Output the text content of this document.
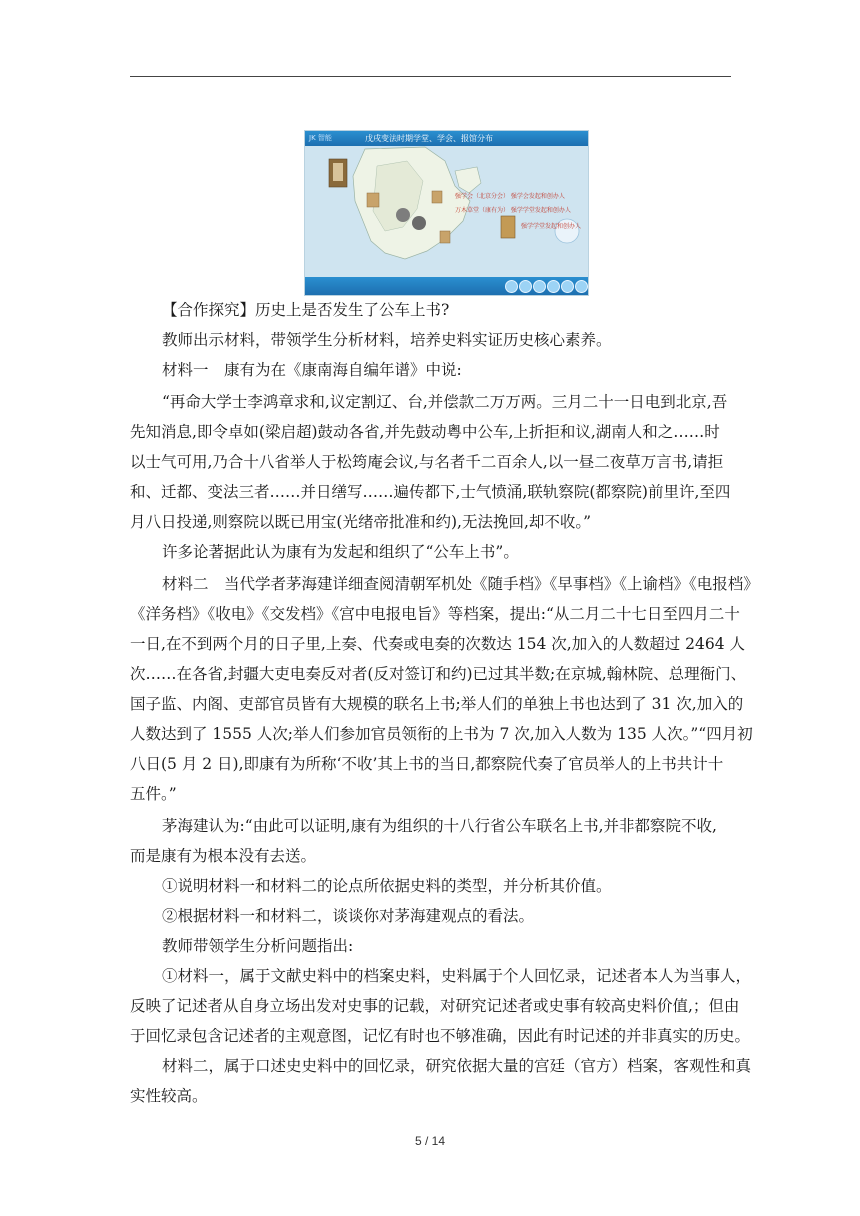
JK 智能	戊戌变法时期学堂、学会、报馆分布
强学会（北京分会） 强学会发起和创办人
万木草堂（康有为） 强学学堂发起和创办人
强学学堂发起和创办人

【合作探究】历史上是否发生了公车上书?

教师出示材料，带领学生分析材料，培养史料实证历史核心素养。

材料一　康有为在《康南海自编年谱》中说:

“再命大学士李鸿章求和,议定割辽、台,并偿款二万万两。三月二十一日电到北京,吾

先知消息,即令卓如(梁启超)鼓动各省,并先鼓动粤中公车,上折拒和议,湖南人和之……时

以士气可用,乃合十八省举人于松筠庵会议,与名者千二百余人,以一昼二夜草万言书,请拒

和、迁都、变法三者……并日缮写……遍传都下,士气愤涌,联轨察院(都察院)前里许,至四

月八日投递,则察院以既已用宝(光绪帝批准和约),无法挽回,却不收。”

许多论著据此认为康有为发起和组织了“公车上书”。

材料二　当代学者茅海建详细查阅清朝军机处《随手档》《早事档》《上谕档》《电报档》

《洋务档》《收电》《交发档》《宫中电报电旨》等档案，提出:“从二月二十七日至四月二十

一日,在不到两个月的日子里,上奏、代奏或电奏的次数达 154 次,加入的人数超过 2464 人

次……在各省,封疆大吏电奏反对者(反对签订和约)已过其半数;在京城,翰林院、总理衙门、

国子监、内阁、吏部官员皆有大规模的联名上书;举人们的单独上书也达到了 31 次,加入的

人数达到了 1555 人次;举人们参加官员领衔的上书为 7 次,加入人数为 135 人次。”“四月初

八日(5 月 2 日),即康有为所称‘不收’其上书的当日,都察院代奏了官员举人的上书共计十

五件。”

茅海建认为:“由此可以证明,康有为组织的十八行省公车联名上书,并非都察院不收,

而是康有为根本没有去送。

①说明材料一和材料二的论点所依据史料的类型，并分析其价值。

②根据材料一和材料二，谈谈你对茅海建观点的看法。

教师带领学生分析问题指出:

①材料一，属于文献史料中的档案史料，史料属于个人回忆录，记述者本人为当事人，

反映了记述者从自身立场出发对史事的记载，对研究记述者或史事有较高史料价值,；但由

于回忆录包含记述者的主观意图，记忆有时也不够准确，因此有时记述的并非真实的历史。

材料二，属于口述史史料中的回忆录，研究依据大量的宫廷（官方）档案，客观性和真

实性较高。

5 / 14
